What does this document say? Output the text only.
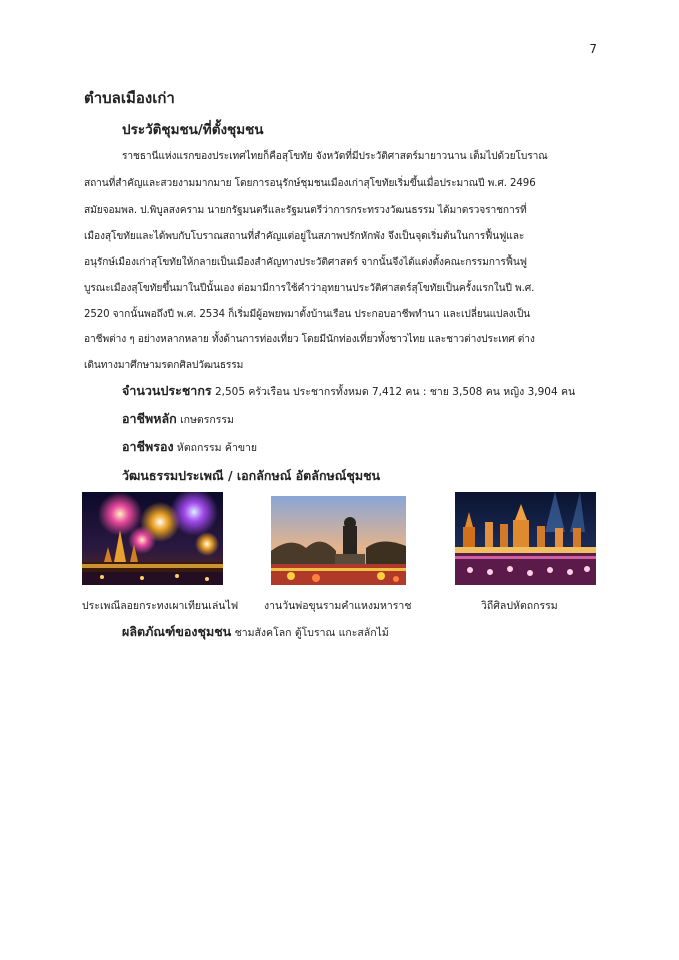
7
ตำบลเมืองเก่า
ประวัติชุมชน/ที่ตั้งชุมชน
ราชธานีแห่งแรกของประเทศไทยก็คือสุโขทัย จังหวัดที่มีประวัติศาสตร์มายาวนาน เต็มไปด้วยโบราณ
สถานที่สำคัญและสวยงามมากมาย โดยการอนุรักษ์ชุมชนเมืองเก่าสุโขทัยเริ่มขึ้นเมื่อประมาณปี พ.ศ. 2496
สมัยจอมพล. ป.พิบูลสงคราม นายกรัฐมนตรีและรัฐมนตรีว่าการกระทรวงวัฒนธรรม ได้มาตรวจราชการที่
เมืองสุโขทัยและได้พบกับโบราณสถานที่สำคัญแต่อยู่ในสภาพปรักหักพัง จึงเป็นจุดเริ่มต้นในการฟื้นฟูและ
อนุรักษ์เมืองเก่าสุโขทัยให้กลายเป็นเมืองสำคัญทางประวัติศาสตร์ จากนั้นจึงได้แต่งตั้งคณะกรรมการฟื้นฟู
บูรณะเมืองสุโขทัยขึ้นมาในปีนั้นเอง ต่อมามีการใช้คำว่าอุทยานประวัติศาสตร์สุโขทัยเป็นครั้งแรกในปี พ.ศ.
2520 จากนั้นพอถึงปี พ.ศ. 2534 ก็เริ่มมีผู้อพยพมาตั้งบ้านเรือน ประกอบอาชีพทำนา และเปลี่ยนแปลงเป็น
อาชีพต่าง ๆ อย่างหลากหลาย ทั้งด้านการท่องเที่ยว โดยมีนักท่องเที่ยวทั้งชาวไทย และชาวต่างประเทศ ต่าง
เดินทางมาศึกษามรดกศิลปวัฒนธรรม
จำนวนประชากร 2,505 ครัวเรือน ประชากรทั้งหมด 7,412 คน : ชาย 3,508 คน หญิง 3,904 คน
อาชีพหลัก เกษตรกรรม
อาชีพรอง หัตถกรรม ค้าขาย
วัฒนธรรมประเพณี / เอกลักษณ์ อัตลักษณ์ชุมชน
ประเพณีลอยกระทงเผาเทียนเล่นไฟ งานวันพ่อขุนรามคำแหงมหาราช	วิถีศิลปหัตถกรรม
ผลิตภัณฑ์ของชุมชน ชามสังคโลก ตู้โบราณ แกะสลักไม้
